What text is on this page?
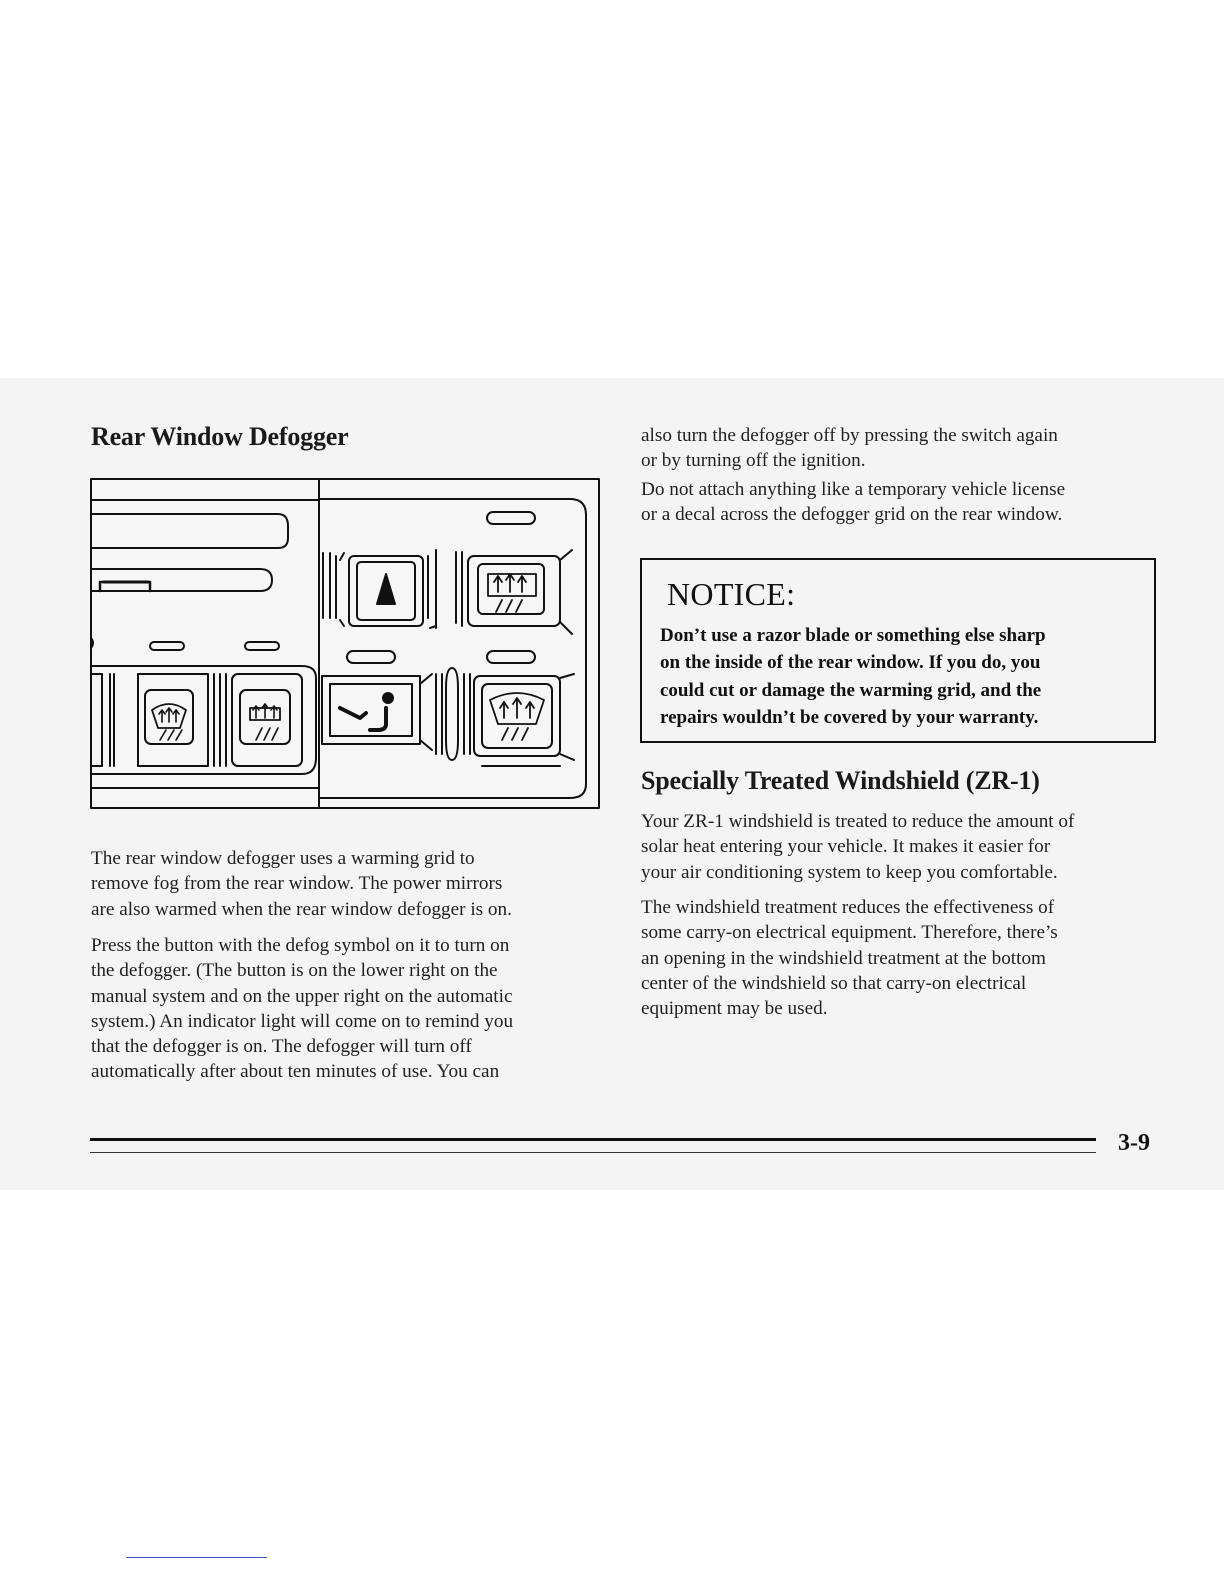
Rear Window Defogger

The rear window defogger uses a warming grid to
remove fog from the rear window. The power mirrors
are also warmed when the rear window defogger is on.

Press the button with the defog symbol on it to turn on
the defogger. (The button is on the lower right on the
manual system and on the upper right on the automatic
system.) An indicator light will come on to remind you
that the defogger is on. The defogger will turn off
automatically after about ten minutes of use. You can

also turn the defogger off by pressing the switch again
or by turning off the ignition.

Do not attach anything like a temporary vehicle license
or a decal across the defogger grid on the rear window.

NOTICE:

Don’t use a razor blade or something else sharp
on the inside of the rear window. If you do, you
could cut or damage the warming grid, and the
repairs wouldn’t be covered by your warranty.

Specially Treated Windshield (ZR-1)

Your ZR-1 windshield is treated to reduce the amount of
solar heat entering your vehicle. It makes it easier for
your air conditioning system to keep you comfortable.

The windshield treatment reduces the effectiveness of
some carry-on electrical equipment. Therefore, there’s
an opening in the windshield treatment at the bottom
center of the windshield so that carry-on electrical
equipment may be used.

3-9
